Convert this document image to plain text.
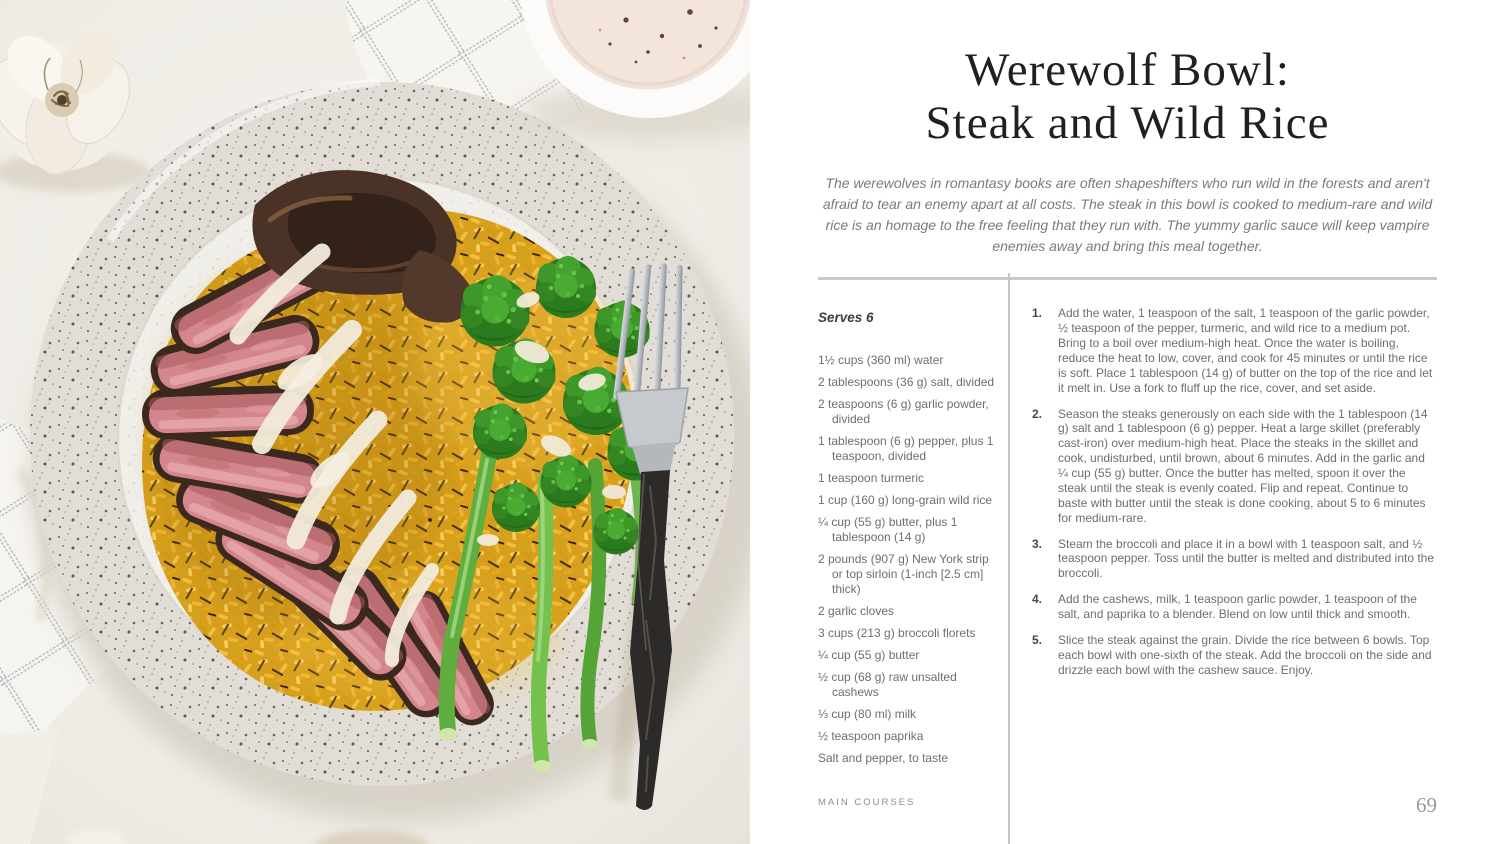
Werewolf Bowl:
Steak and Wild Rice

The werewolves in romantasy books are often shapeshifters who run wild in the forests and aren't afraid to tear an enemy apart at all costs. The steak in this bowl is cooked to medium-rare and wild rice is an homage to the free feeling that they run with. The yummy garlic sauce will keep vampire enemies away and bring this meal together.

Serves 6
1½ cups (360 ml) water
2 tablespoons (36 g) salt, divided
2 teaspoons (6 g) garlic powder, divided
1 tablespoon (6 g) pepper, plus 1 teaspoon, divided
1 teaspoon turmeric
1 cup (160 g) long-grain wild rice
¼ cup (55 g) butter, plus 1 tablespoon (14 g)
2 pounds (907 g) New York strip or top sirloin (1-inch [2.5 cm] thick)
2 garlic cloves
3 cups (213 g) broccoli florets
¼ cup (55 g) butter
½ cup (68 g) raw unsalted cashews
⅓ cup (80 ml) milk
½ teaspoon paprika
Salt and pepper, to taste
1.	Add the water, 1 teaspoon of the salt, 1 teaspoon of the garlic powder, ½ teaspoon of the pepper, turmeric, and wild rice to a medium pot. Bring to a boil over medium-high heat. Once the water is boiling, reduce the heat to low, cover, and cook for 45 minutes or until the rice is soft. Place 1 tablespoon (14 g) of butter on the top of the rice and let it melt in. Use a fork to fluff up the rice, cover, and set aside.
2.	Season the steaks generously on each side with the 1 tablespoon (14 g) salt and 1 tablespoon (6 g) pepper. Heat a large skillet (preferably cast-iron) over medium-high heat. Place the steaks in the skillet and cook, undisturbed, until brown, about 6 minutes. Add in the garlic and ¼ cup (55 g) butter. Once the butter has melted, spoon it over the steak until the steak is evenly coated. Flip and repeat. Continue to baste with butter until the steak is done cooking, about 5 to 6 minutes for medium-rare.
3.	Steam the broccoli and place it in a bowl with 1 teaspoon salt, and ½ teaspoon pepper. Toss until the butter is melted and distributed into the broccoli.
4.	Add the cashews, milk, 1 teaspoon garlic powder, 1 teaspoon of the salt, and paprika to a blender. Blend on low until thick and smooth.
5.	Slice the steak against the grain. Divide the rice between 6 bowls. Top each bowl with one-sixth of the steak. Add the broccoli on the side and drizzle each bowl with the cashew sauce. Enjoy.
MAIN COURSES	69
